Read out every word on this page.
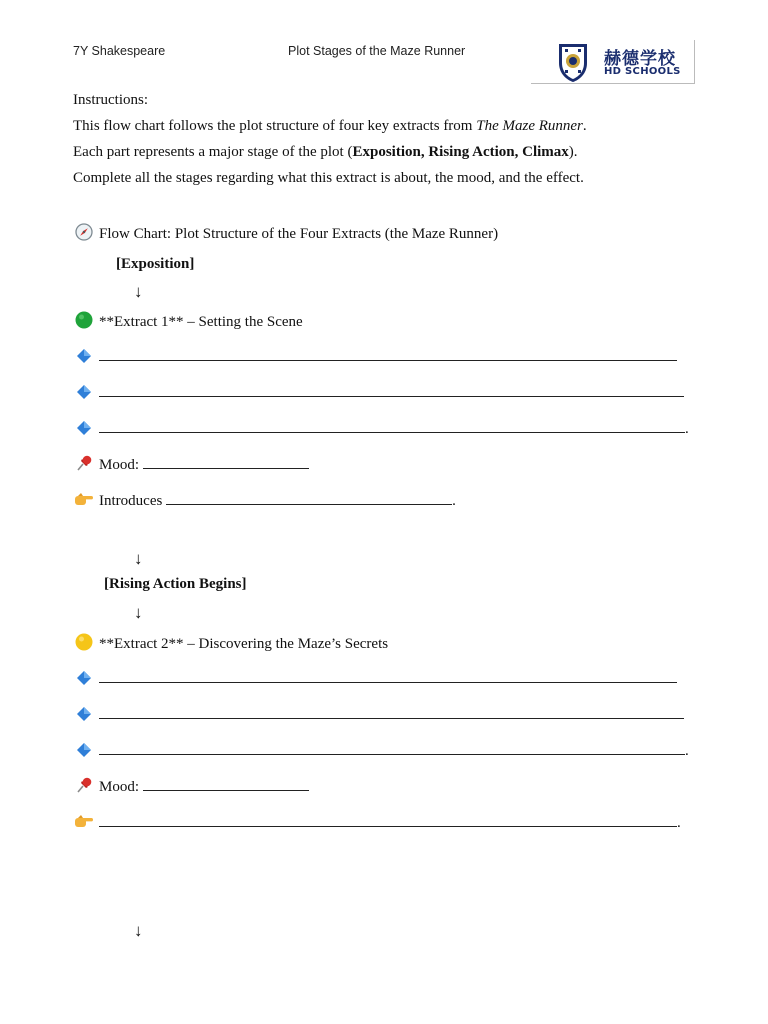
7Y Shakespeare	Plot Stages of the Maze Runner	赫德学校
HD SCHOOLS
Instructions:
This flow chart follows the plot structure of four key extracts from The Maze Runner.
Each part represents a major stage of the plot (Exposition, Rising Action, Climax).
Complete all the stages regarding what this extract is about, the mood, and the effect.
Flow Chart: Plot Structure of the Four Extracts (the Maze Runner)
[Exposition]
↓
**Extract 1** – Setting the Scene
.
Mood:
Introduces	.
↓
[Rising Action Begins]
↓
**Extract 2** – Discovering the Maze’s Secrets
.
Mood:
.
↓
